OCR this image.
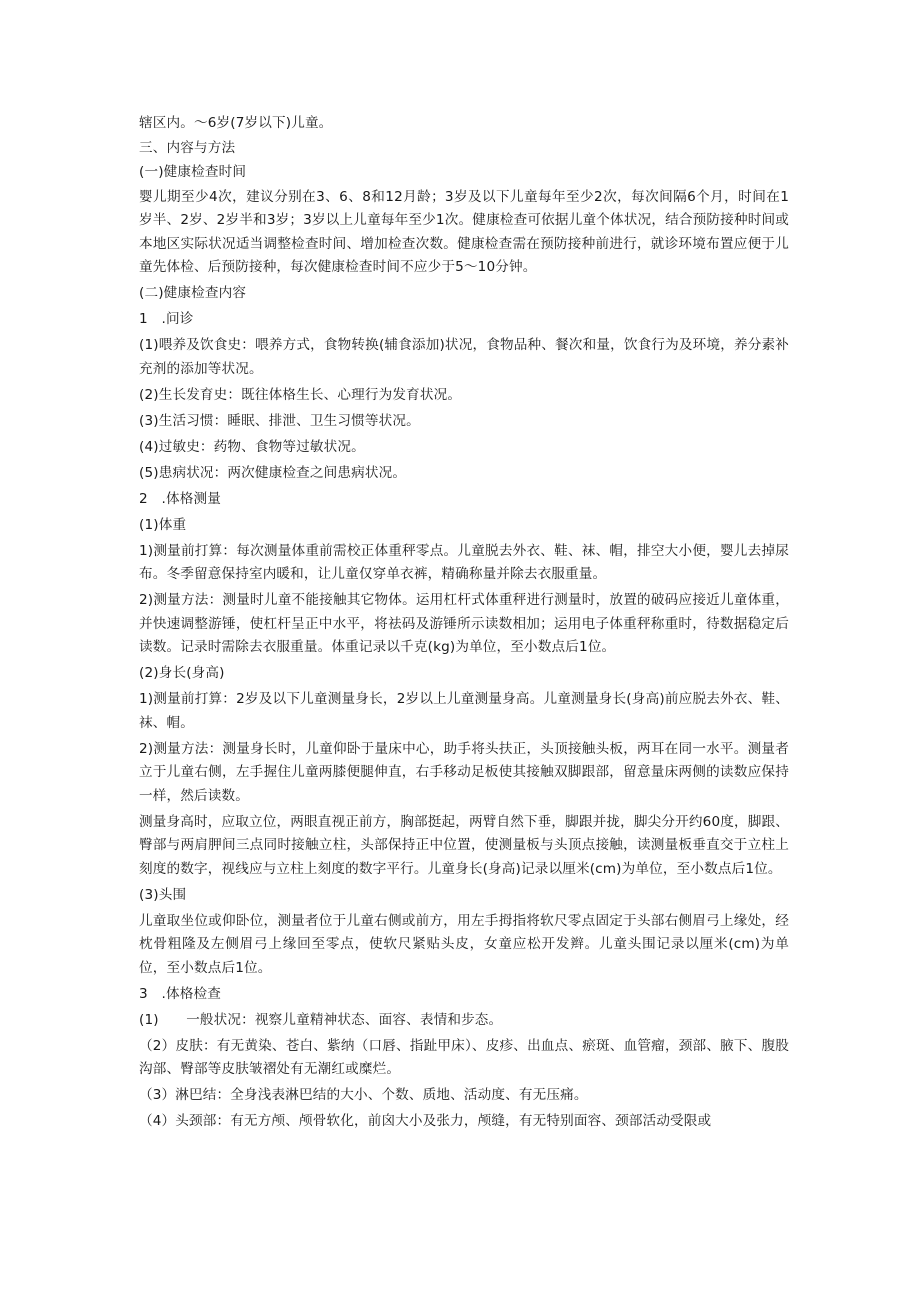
辖区内。～6岁(7岁以下)儿童。

三、内容与方法

(一)健康检查时间

婴儿期至少4次，建议分别在3、6、8和12月龄；3岁及以下儿童每年至少2次，每次间隔6个月，时间在1岁半、2岁、2岁半和3岁；3岁以上儿童每年至少1次。健康检查可依据儿童个体状况，结合预防接种时间或本地区实际状况适当调整检查时间、增加检查次数。健康检查需在预防接种前进行，就诊环境布置应便于儿童先体检、后预防接种，每次健康检查时间不应少于5～10分钟。

(二)健康检查内容

1　.问诊

(1)喂养及饮食史：喂养方式，食物转换(辅食添加)状况，食物品种、餐次和量，饮食行为及环境，养分素补充剂的添加等状况。

(2)生长发育史：既往体格生长、心理行为发育状况。

(3)生活习惯：睡眠、排泄、卫生习惯等状况。

(4)过敏史：药物、食物等过敏状况。

(5)患病状况：两次健康检查之间患病状况。

2　.体格测量

(1)体重

1)测量前打算：每次测量体重前需校正体重秤零点。儿童脱去外衣、鞋、袜、帽，排空大小便，婴儿去掉尿布。冬季留意保持室内暖和，让儿童仅穿单衣裤，精确称量并除去衣服重量。

2)测量方法：测量时儿童不能接触其它物体。运用杠杆式体重秤进行测量时，放置的破码应接近儿童体重，并快速调整游锤，使杠杆呈正中水平，将祛码及游锤所示读数相加；运用电子体重秤称重时，待数据稳定后读数。记录时需除去衣服重量。体重记录以千克(kg)为单位，至小数点后1位。

(2)身长(身高)

1)测量前打算：2岁及以下儿童测量身长，2岁以上儿童测量身高。儿童测量身长(身高)前应脱去外衣、鞋、袜、帽。

2)测量方法：测量身长时，儿童仰卧于量床中心，助手将头扶正，头顶接触头板，两耳在同一水平。测量者立于儿童右侧，左手握住儿童两膝便腿伸直，右手移动足板使其接触双脚跟部，留意量床两侧的读数应保持一样，然后读数。

测量身高时，应取立位，两眼直视正前方，胸部挺起，两臂自然下垂，脚跟并拢，脚尖分开约60度，脚跟、臀部与两肩胛间三点同时接触立柱，头部保持正中位置，使测量板与头顶点接触，读测量板垂直交于立柱上刻度的数字，视线应与立柱上刻度的数字平行。儿童身长(身高)记录以厘米(cm)为单位，至小数点后1位。

(3)头围

儿童取坐位或仰卧位，测量者位于儿童右侧或前方，用左手拇指将软尺零点固定于头部右侧眉弓上缘处，经枕骨粗隆及左侧眉弓上缘回至零点，使软尺紧贴头皮，女童应松开发辫。儿童头围记录以厘米(cm)为单位，至小数点后1位。

3　.体格检查

(1)　　一般状况：视察儿童精神状态、面容、表情和步态。

（2）皮肤：有无黄染、苍白、紫纳（口唇、指趾甲床）、皮疹、出血点、瘀斑、血管瘤，颈部、腋下、腹股沟部、臀部等皮肤皱褶处有无潮红或糜烂。

（3）淋巴结：全身浅表淋巴结的大小、个数、质地、活动度、有无压痛。

（4）头颈部：有无方颅、颅骨软化，前囟大小及张力，颅缝，有无特别面容、颈部活动受限或
